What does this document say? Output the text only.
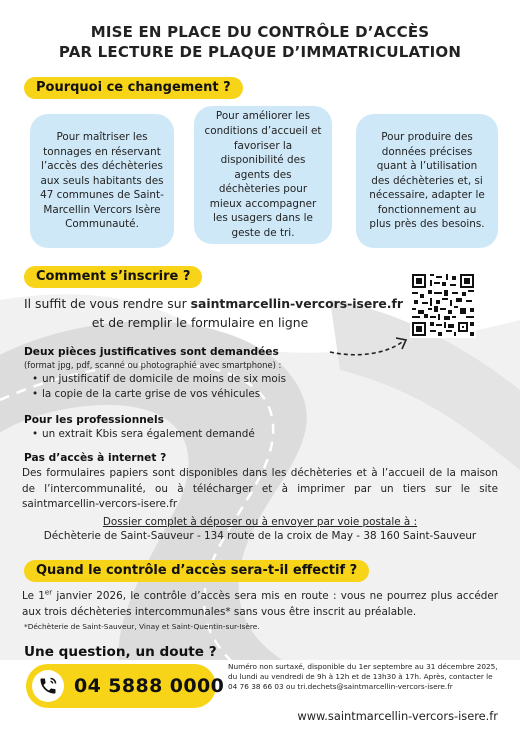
MISE EN PLACE DU CONTRÔLE D’ACCÈS
PAR LECTURE DE PLAQUE D’IMMATRICULATION
Pourquoi ce changement ?
Pour maîtriser les tonnages en réservant l’accès des déchèteries aux seuls habitants des 47 communes de Saint-Marcellin Vercors Isère Communauté.
Pour améliorer les conditions d’accueil et favoriser la disponibilité des agents des déchèteries pour mieux accompagner les usagers dans le geste de tri.
Pour produire des données précises quant à l’utilisation des déchèteries et, si nécessaire, adapter le fonctionnement au plus près des besoins.
Comment s’inscrire ?
Il suffit de vous rendre sur saintmarcellin-vercors-isere.fr
et de remplir le formulaire en ligne
Deux pièces justificatives sont demandées
(format jpg, pdf, scanné ou photographié avec smartphone) :
• un justificatif de domicile de moins de six mois
• la copie de la carte grise de vos véhicules
Pour les professionnels
• un extrait Kbis sera également demandé
Pas d’accès à internet ?
Des formulaires papiers sont disponibles dans les déchèteries et à l’accueil de la maison de l’intercommunalité, ou à télécharger et à imprimer par un tiers sur le site saintmarcellin-vercors-isere.fr
Dossier complet à déposer ou à envoyer par voie postale à :
Déchèterie de Saint-Sauveur - 134 route de la croix de May - 38 160 Saint-Sauveur
Quand le contrôle d’accès sera-t-il effectif ?
Le 1er janvier 2026, le contrôle d’accès sera mis en route : vous ne pourrez plus accéder aux trois déchèteries intercommunales* sans vous être inscrit au préalable.
*Déchèterie de Saint-Sauveur, Vinay et Saint-Quentin-sur-Isère.
Une question, un doute ?
04 5888 0000
Numéro non surtaxé, disponible du 1er septembre au 31 décembre 2025, du lundi au vendredi de 9h à 12h et de 13h30 à 17h. Après, contacter le 04 76 38 66 03 ou tri.dechets@saintmarcellin-vercors-isere.fr
www.saintmarcellin-vercors-isere.fr
